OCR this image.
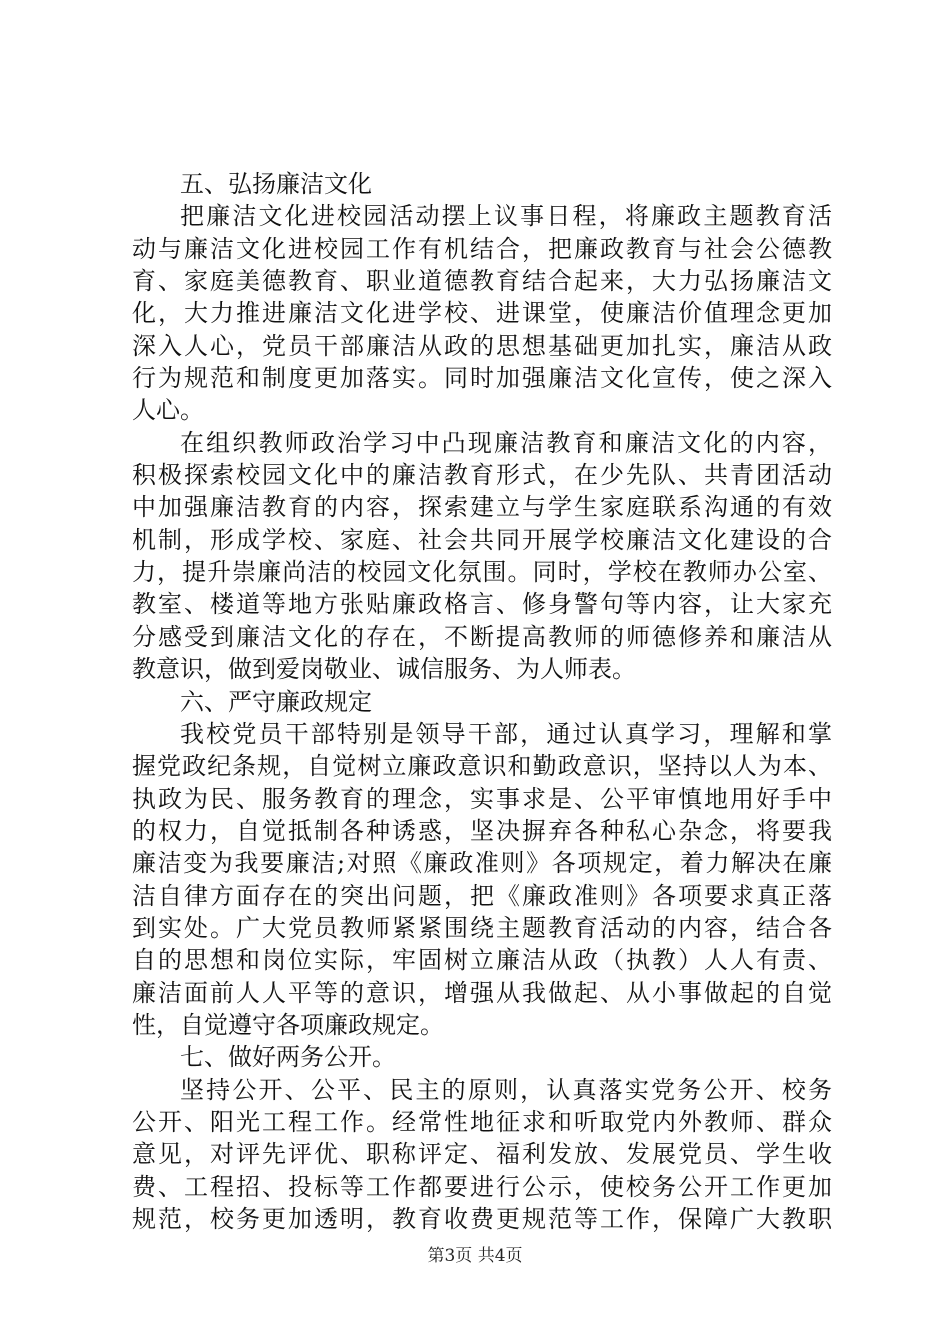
五、弘扬廉洁文化
把廉洁文化进校园活动摆上议事日程，将廉政主题教育活
动与廉洁文化进校园工作有机结合，把廉政教育与社会公德教
育、家庭美德教育、职业道德教育结合起来，大力弘扬廉洁文
化，大力推进廉洁文化进学校、进课堂，使廉洁价值理念更加
深入人心，党员干部廉洁从政的思想基础更加扎实，廉洁从政
行为规范和制度更加落实。同时加强廉洁文化宣传，使之深入
人心。
在组织教师政治学习中凸现廉洁教育和廉洁文化的内容，
积极探索校园文化中的廉洁教育形式，在少先队、共青团活动
中加强廉洁教育的内容，探索建立与学生家庭联系沟通的有效
机制，形成学校、家庭、社会共同开展学校廉洁文化建设的合
力，提升崇廉尚洁的校园文化氛围。同时，学校在教师办公室、
教室、楼道等地方张贴廉政格言、修身警句等内容，让大家充
分感受到廉洁文化的存在，不断提高教师的师德修养和廉洁从
教意识，做到爱岗敬业、诚信服务、为人师表。
六、严守廉政规定
我校党员干部特别是领导干部，通过认真学习，理解和掌
握党政纪条规，自觉树立廉政意识和勤政意识，坚持以人为本、
执政为民、服务教育的理念，实事求是、公平审慎地用好手中
的权力，自觉抵制各种诱惑，坚决摒弃各种私心杂念，将要我
廉洁变为我要廉洁;对照《廉政准则》各项规定，着力解决在廉
洁自律方面存在的突出问题，把《廉政准则》各项要求真正落
到实处。广大党员教师紧紧围绕主题教育活动的内容，结合各
自的思想和岗位实际，牢固树立廉洁从政（执教）人人有责、
廉洁面前人人平等的意识，增强从我做起、从小事做起的自觉
性，自觉遵守各项廉政规定。
七、做好两务公开。
坚持公开、公平、民主的原则，认真落实党务公开、校务
公开、阳光工程工作。经常性地征求和听取党内外教师、群众
意见，对评先评优、职称评定、福利发放、发展党员、学生收
费、工程招、投标等工作都要进行公示，使校务公开工作更加
规范，校务更加透明，教育收费更规范等工作，保障广大教职
第3页 共4页
